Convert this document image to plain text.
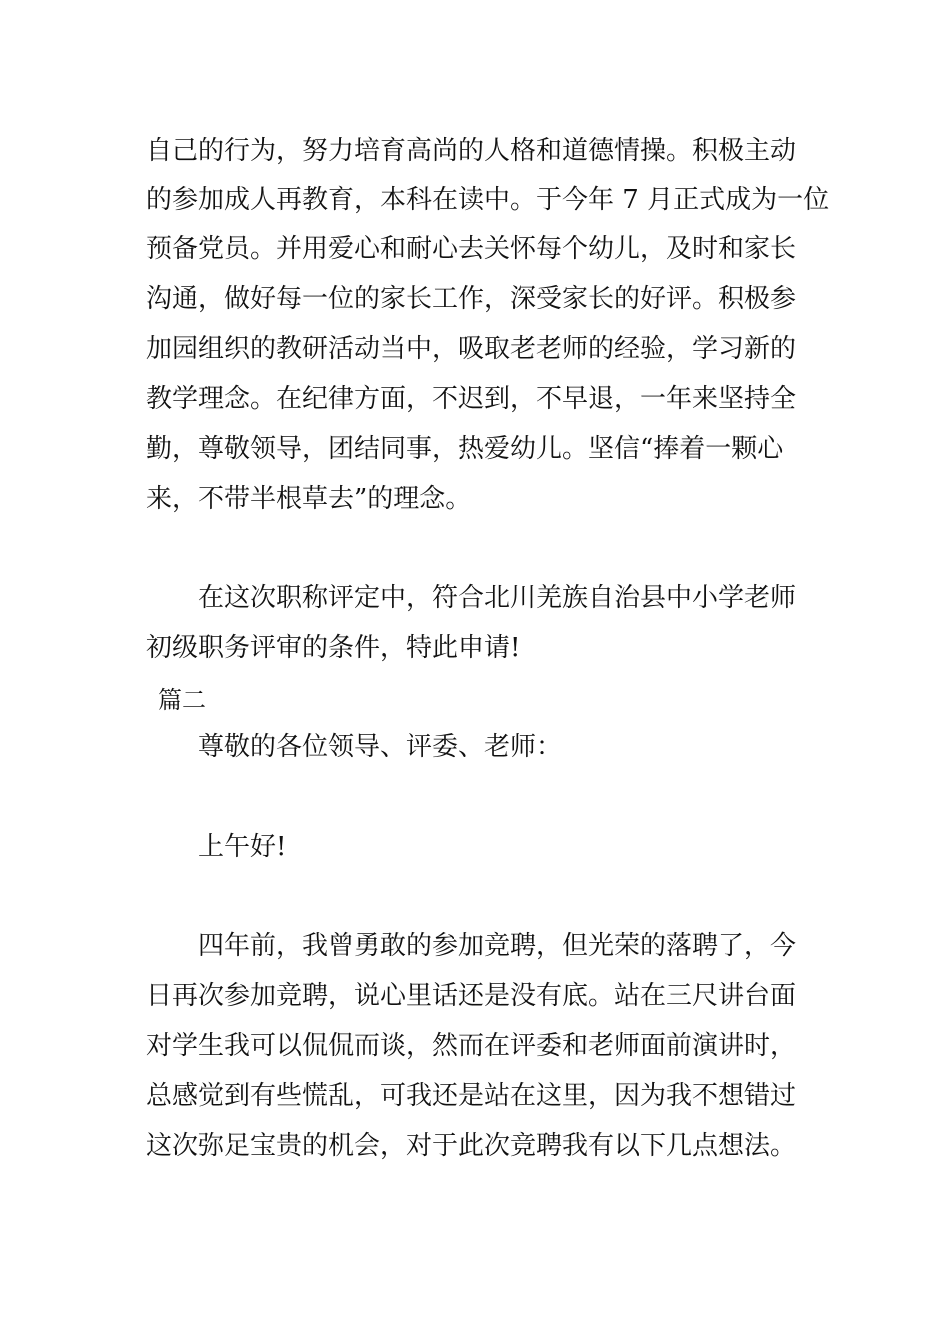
自己的行为，努力培育高尚的人格和道德情操。积极主动
的参加成人再教育，本科在读中。于今年 7 月正式成为一位
预备党员。并用爱心和耐心去关怀每个幼儿，及时和家长
沟通，做好每一位的家长工作，深受家长的好评。积极参
加园组织的教研活动当中，吸取老老师的经验，学习新的
教学理念。在纪律方面，不迟到，不早退，一年来坚持全
勤，尊敬领导，团结同事，热爱幼儿。坚信“捧着一颗心
来，不带半根草去”的理念。
在这次职称评定中，符合北川羌族自治县中小学老师
初级职务评审的条件，特此申请!
篇二
尊敬的各位领导、评委、老师：
上午好!
四年前，我曾勇敢的参加竞聘，但光荣的落聘了，今
日再次参加竞聘，说心里话还是没有底。站在三尺讲台面
对学生我可以侃侃而谈，然而在评委和老师面前演讲时，
总感觉到有些慌乱，可我还是站在这里，因为我不想错过
这次弥足宝贵的机会，对于此次竞聘我有以下几点想法。
